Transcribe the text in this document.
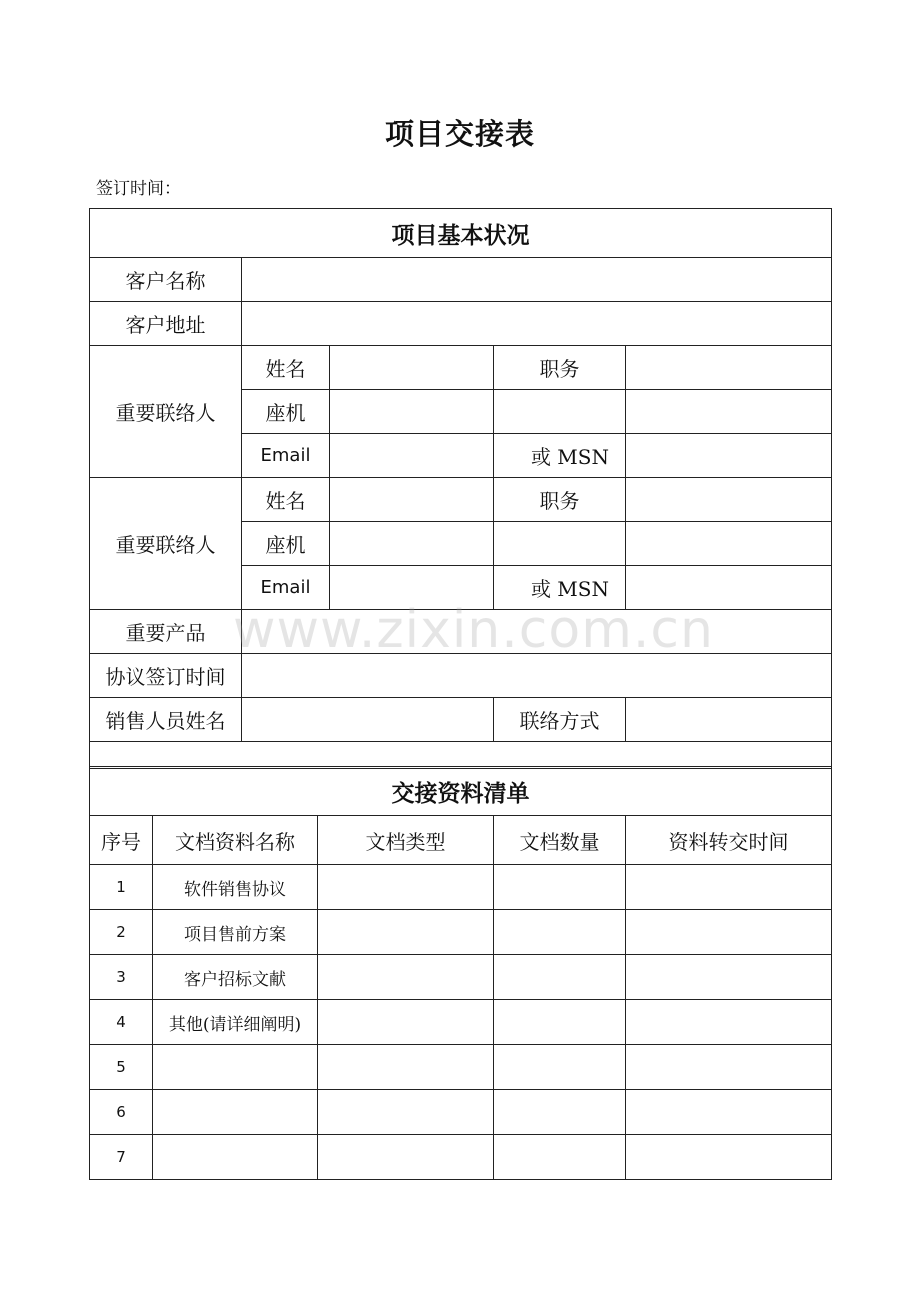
项目交接表
签订时间：
项目基本状况				
客户名称				
客户地址				
重要联络人	姓名		职务	
	座机			
	Email		或 MSN	
重要联络人	姓名		职务	
	座机			
	Email		或 MSN	
重要产品				
协议签订时间				
销售人员姓名			联络方式	

交接资料清单				
序号	文档资料名称	文档类型	文档数量	资料转交时间
1	软件销售协议			
2	项目售前方案			
3	客户招标文献			
4	其他(请详细阐明)			
5				
6				
7				
www.zixin.com.cn
